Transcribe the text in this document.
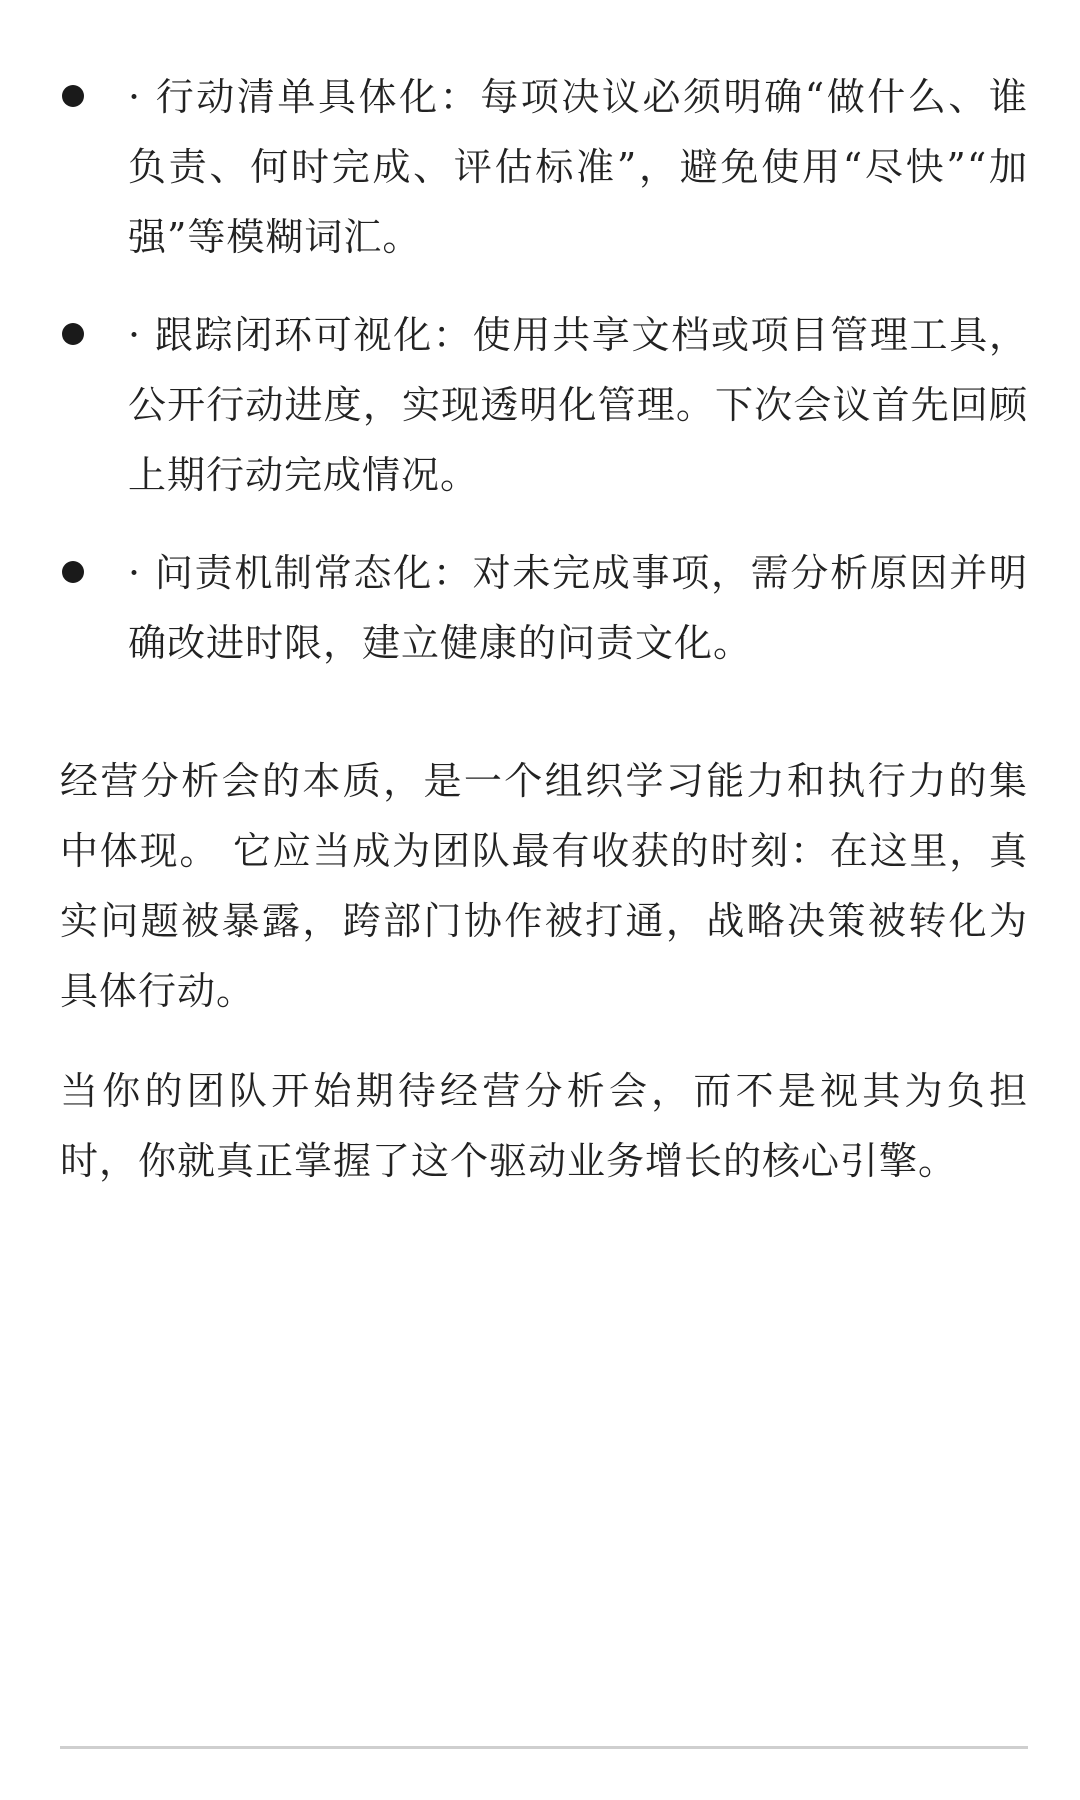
· 行动清单具体化：每项决议必须明确“做什么、谁负责、何时完成、评估标准”，避免使用“尽快”“加强”等模糊词汇。
· 跟踪闭环可视化：使用共享文档或项目管理工具，公开行动进度，实现透明化管理。下次会议首先回顾上期行动完成情况。
· 问责机制常态化：对未完成事项，需分析原因并明确改进时限，建立健康的问责文化。

经营分析会的本质，是一个组织学习能力和执行力的集中体现。 它应当成为团队最有收获的时刻：在这里，真实问题被暴露，跨部门协作被打通，战略决策被转化为具体行动。

当你的团队开始期待经营分析会，而不是视其为负担时，你就真正掌握了这个驱动业务增长的核心引擎。
